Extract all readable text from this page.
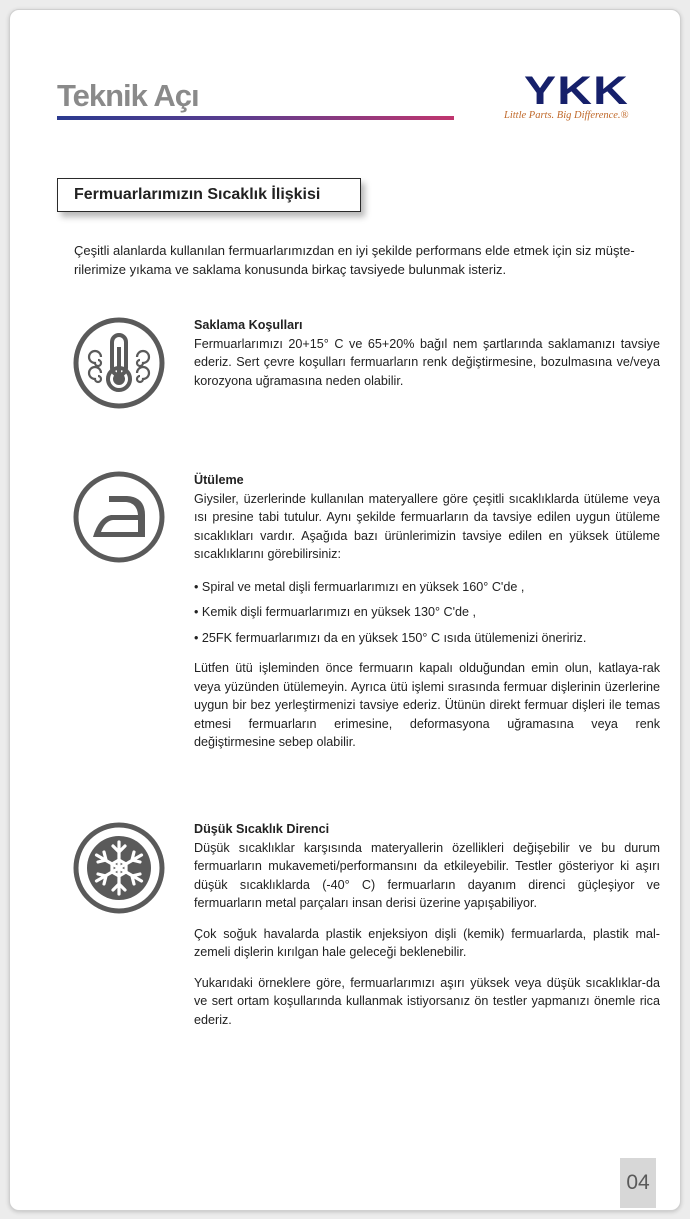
Teknik Açı	YKK
Little Parts. Big Difference.®
Fermuarlarımızın Sıcaklık İlişkisi
Çeşitli alanlarda kullanılan fermuarlarımızdan en iyi şekilde performans elde etmek için siz müşte-rilerimize yıkama ve saklama konusunda birkaç tavsiyede bulunmak isteriz.

Saklama Koşulları

Fermuarlarımızı 20+15° C ve 65+20% bağıl nem şartlarında saklamanızı tavsiye ederiz. Sert çevre koşulları fermuarların renk değiştirmesine, bozulmasına ve/veya korozyona uğramasına neden olabilir.

Ütüleme

Giysiler, üzerlerinde kullanılan materyallere göre çeşitli sıcaklıklarda ütüleme veya ısı presine tabi tutulur. Aynı şekilde fermuarların da tavsiye edilen uygun ütüleme sıcaklıkları vardır. Aşağıda bazı ürünlerimizin tavsiye edilen en yüksek ütüleme sıcaklıklarını görebilirsiniz:

• Spiral ve metal dişli fermuarlarımızı en yüksek 160° C'de ,
• Kemik dişli fermuarlarımızı en yüksek 130° C'de ,
• 25FK fermuarlarımızı da en yüksek 150° C ısıda ütülemenizi öneririz.

Lütfen ütü işleminden önce fermuarın kapalı olduğundan emin olun, katlaya-rak veya yüzünden ütülemeyin. Ayrıca ütü işlemi sırasında fermuar dişlerinin üzerlerine uygun bir bez yerleştirmenizi tavsiye ederiz. Ütünün direkt fermuar dişleri ile temas etmesi fermuarların erimesine, deformasyona uğramasına veya renk değiştirmesine sebep olabilir.

Düşük Sıcaklık Direnci

Düşük sıcaklıklar karşısında materyallerin özellikleri değişebilir ve bu durum fermuarların mukavemeti/performansını da etkileyebilir. Testler gösteriyor ki aşırı düşük sıcaklıklarda (-40° C) fermuarların dayanım direnci güçleşiyor ve fermuarların metal parçaları insan derisi üzerine yapışabiliyor.

Çok soğuk havalarda plastik enjeksiyon dişli (kemik) fermuarlarda, plastik mal-zemeli dişlerin kırılgan hale geleceği beklenebilir.

Yukarıdaki örneklere göre, fermuarlarımızı aşırı yüksek veya düşük sıcaklıklar-da ve sert ortam koşullarında kullanmak istiyorsanız ön testler yapmanızı önemle rica ederiz.

04
